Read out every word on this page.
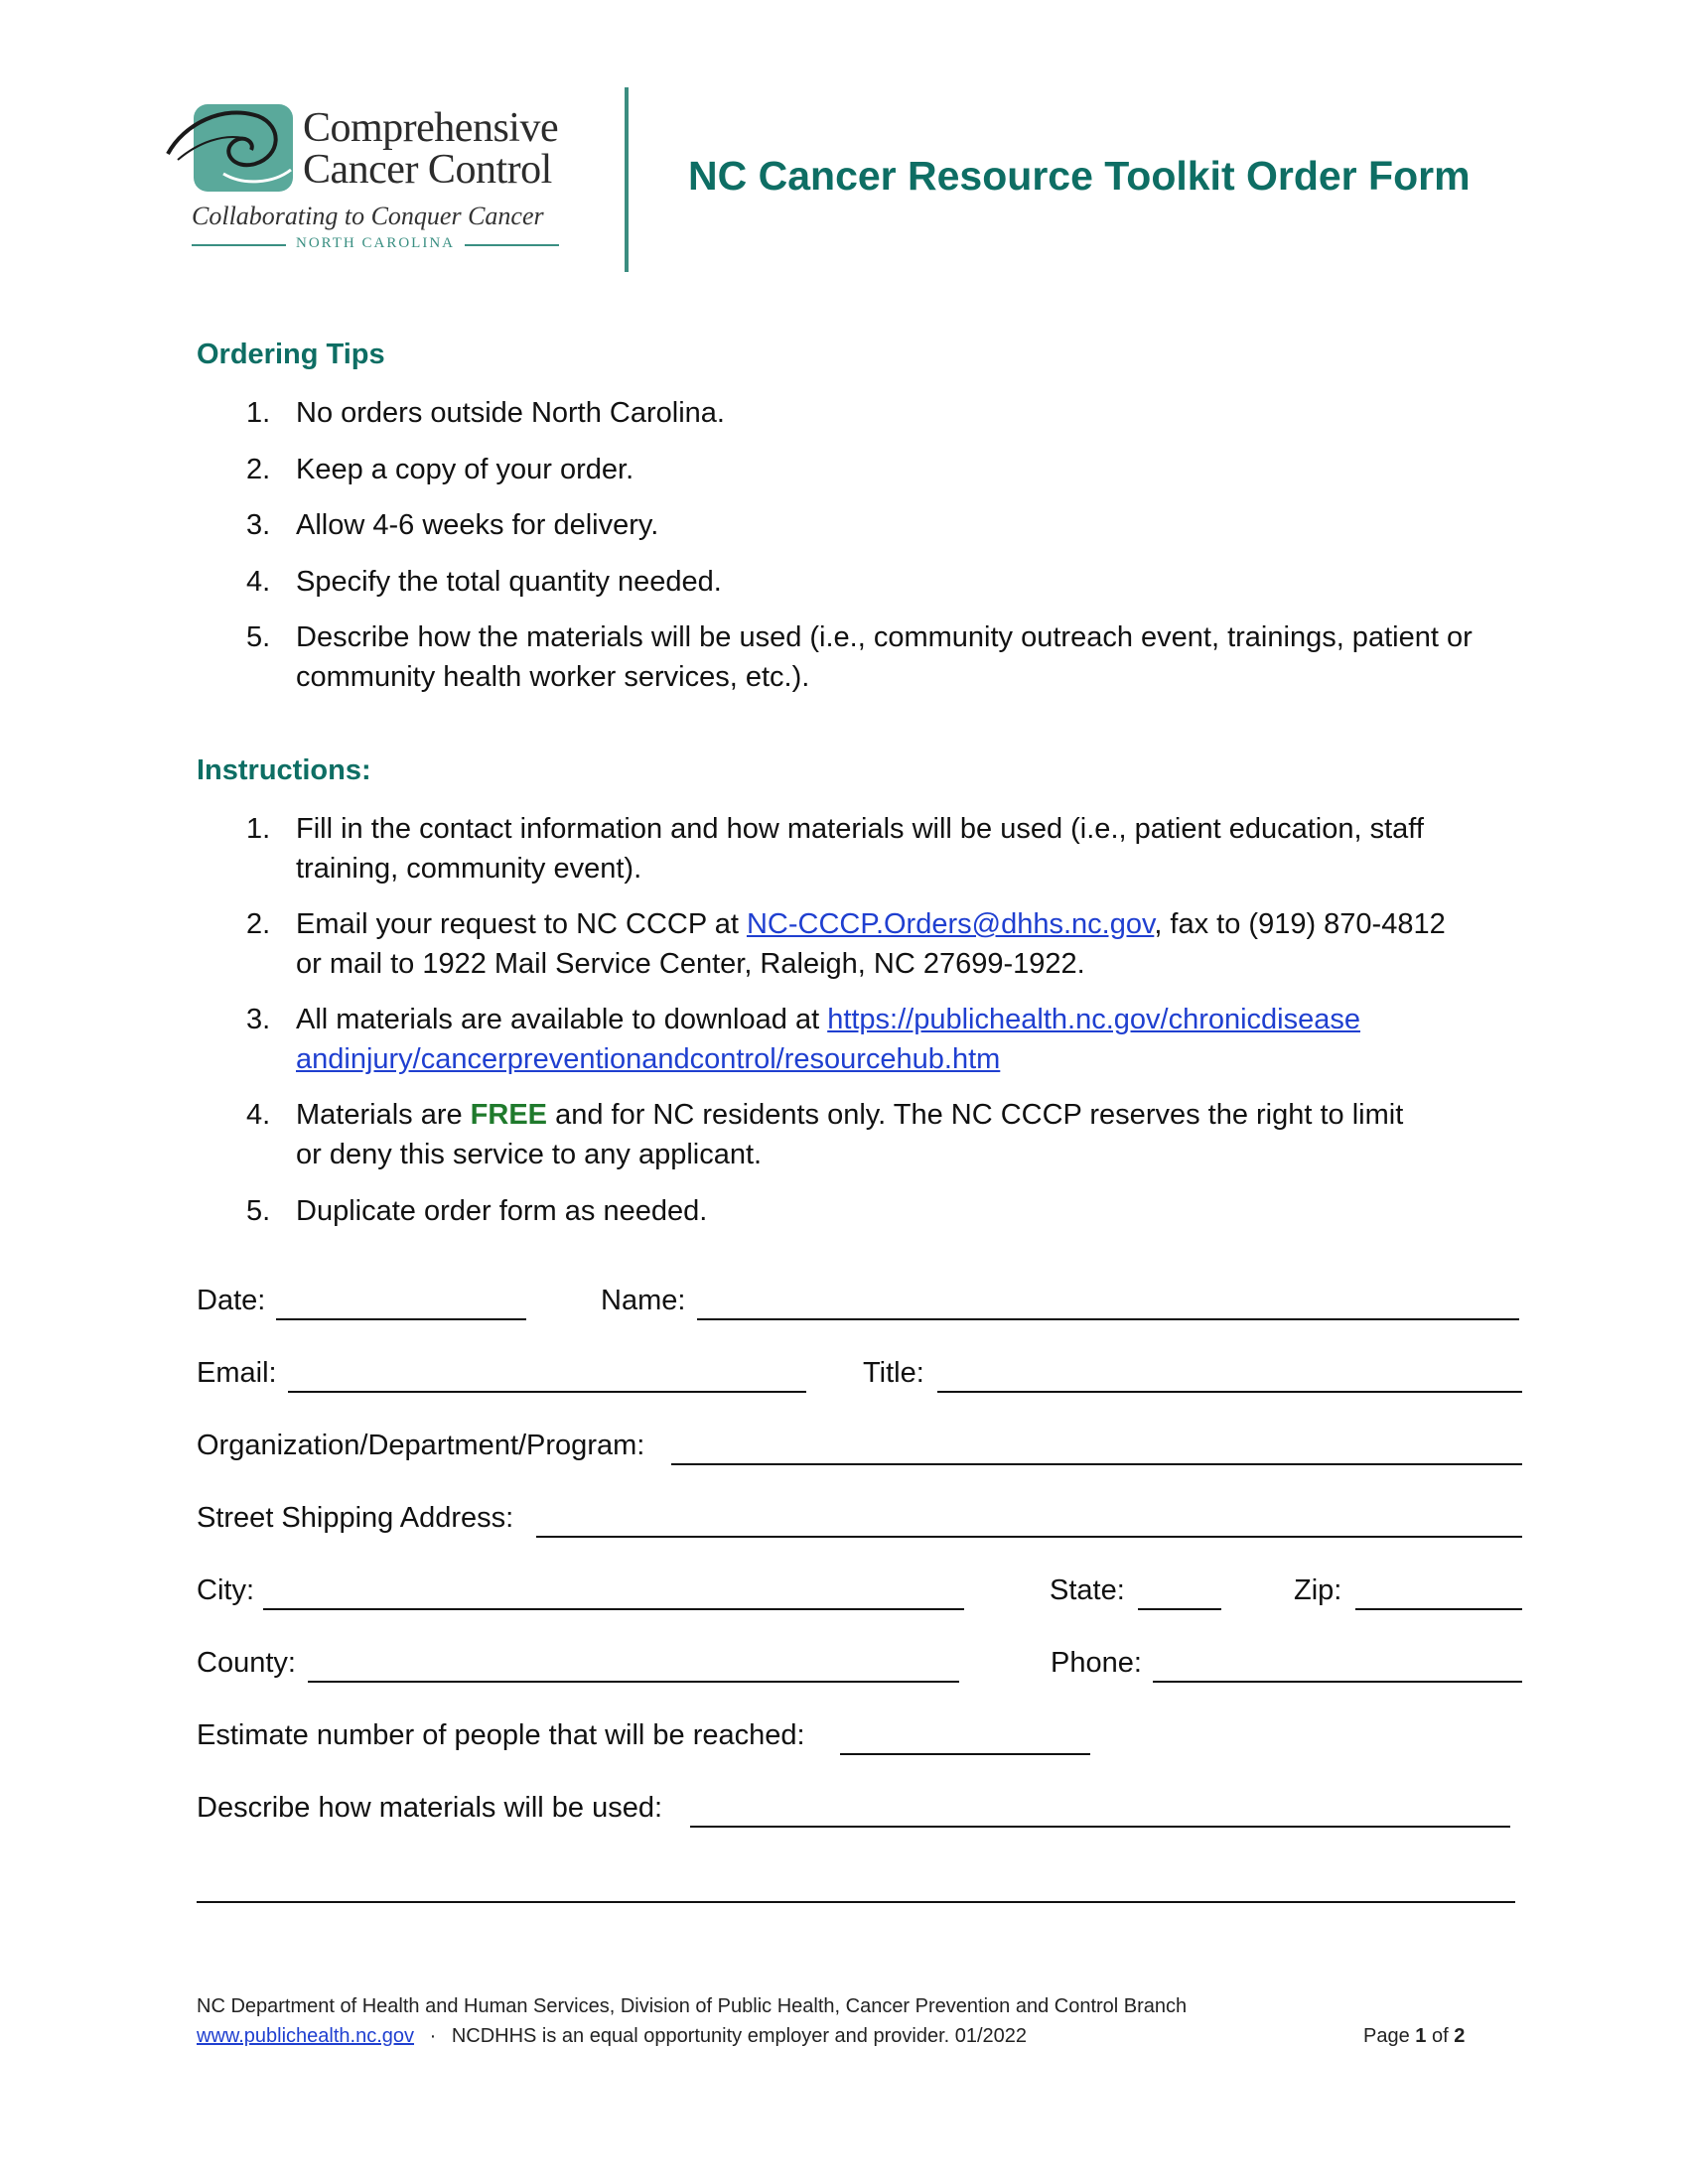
Comprehensive
Cancer Control
Collaborating to Conquer Cancer
NORTH CAROLINA
NC Cancer Resource Toolkit Order Form
Ordering Tips
1. No orders outside North Carolina.
2. Keep a copy of your order.
3. Allow 4-6 weeks for delivery.
4. Specify the total quantity needed.
5. Describe how the materials will be used (i.e., community outreach event, trainings, patient or
community health worker services, etc.).
Instructions:
1. Fill in the contact information and how materials will be used (i.e., patient education, staff
training, community event).
2. Email your request to NC CCCP at NC-CCCP.Orders@dhhs.nc.gov, fax to (919) 870-4812
or mail to 1922 Mail Service Center, Raleigh, NC 27699-1922.
3. All materials are available to download at https://publichealth.nc.gov/chronicdisease
andinjury/cancerpreventionandcontrol/resourcehub.htm
4. Materials are FREE and for NC residents only. The NC CCCP reserves the right to limit
or deny this service to any applicant.
5. Duplicate order form as needed.
Date:	Name:
Email:	Title:
Organization/Department/Program:
Street Shipping Address:
City:	State:	Zip:
County:	Phone:
Estimate number of people that will be reached:
Describe how materials will be used:
NC Department of Health and Human Services, Division of Public Health, Cancer Prevention and Control Branch
www.publichealth.nc.gov · NCDHHS is an equal opportunity employer and provider. 01/2022	Page 1 of 2
